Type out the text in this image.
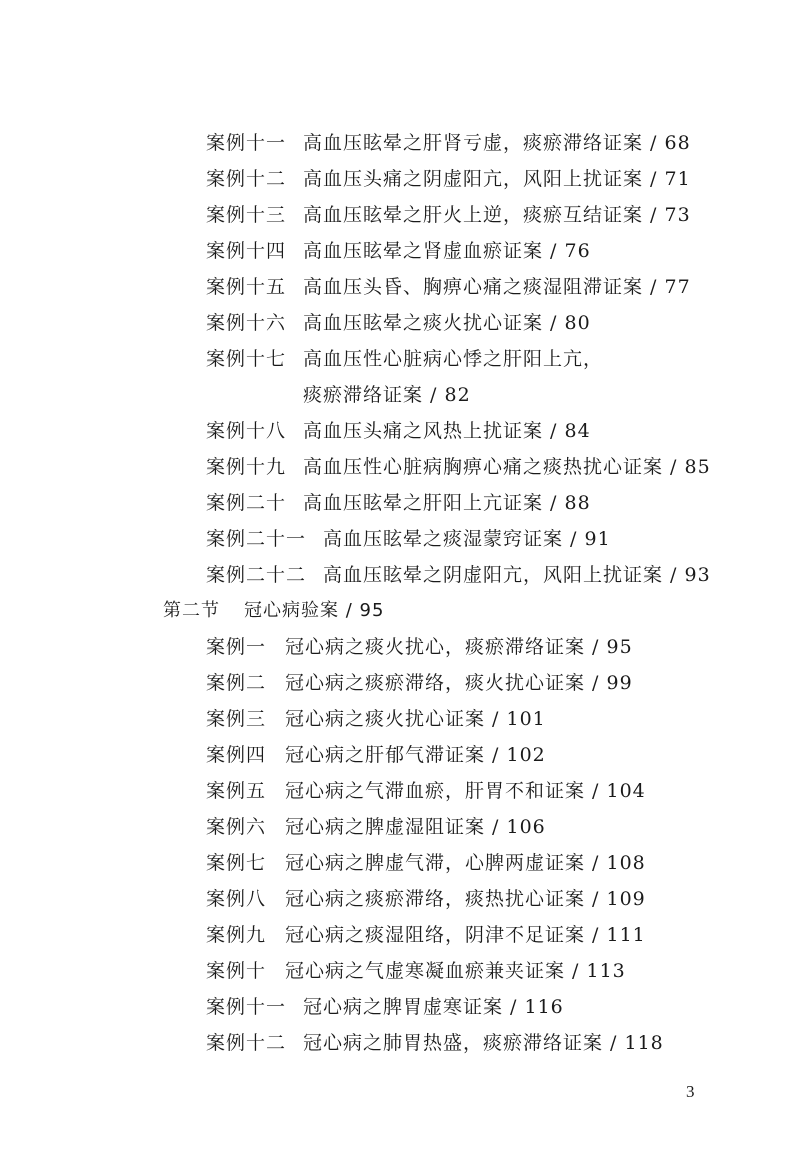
案例十一 高血压眩晕之肝肾亏虚，痰瘀滞络证案 / 68
案例十二 高血压头痛之阴虚阳亢，风阳上扰证案 / 71
案例十三 高血压眩晕之肝火上逆，痰瘀互结证案 / 73
案例十四 高血压眩晕之肾虚血瘀证案 / 76
案例十五 高血压头昏、胸痹心痛之痰湿阻滞证案 / 77
案例十六 高血压眩晕之痰火扰心证案 / 80
案例十七 高血压性心脏病心悸之肝阳上亢，
痰瘀滞络证案 / 82
案例十八 高血压头痛之风热上扰证案 / 84
案例十九 高血压性心脏病胸痹心痛之痰热扰心证案 / 85
案例二十 高血压眩晕之肝阳上亢证案 / 88
案例二十一 高血压眩晕之痰湿蒙窍证案 / 91
案例二十二 高血压眩晕之阴虚阳亢，风阳上扰证案 / 93
第二节 冠心病验案 / 95
案例一 冠心病之痰火扰心，痰瘀滞络证案 / 95
案例二 冠心病之痰瘀滞络，痰火扰心证案 / 99
案例三 冠心病之痰火扰心证案 / 101
案例四 冠心病之肝郁气滞证案 / 102
案例五 冠心病之气滞血瘀，肝胃不和证案 / 104
案例六 冠心病之脾虚湿阻证案 / 106
案例七 冠心病之脾虚气滞，心脾两虚证案 / 108
案例八 冠心病之痰瘀滞络，痰热扰心证案 / 109
案例九 冠心病之痰湿阻络，阴津不足证案 / 111
案例十 冠心病之气虚寒凝血瘀兼夹证案 / 113
案例十一 冠心病之脾胃虚寒证案 / 116
案例十二 冠心病之肺胃热盛，痰瘀滞络证案 / 118
3
